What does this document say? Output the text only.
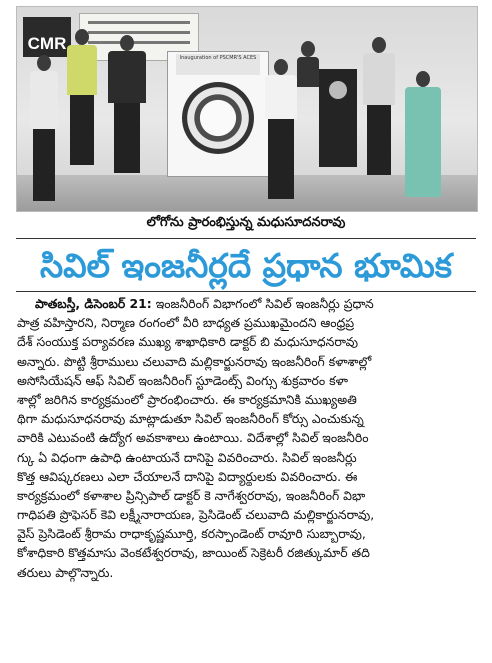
CMR
Inauguration of PSCMR'S ACES
లోగోను ప్రారంభిస్తున్న మధుసూదనరావు
సివిల్ ఇంజనీర్లదే ప్రధాన భూమిక
పాతబస్తీ, డిసెంబర్ 21: ఇంజనీరింగ్ విభాగంలో సివిల్ ఇంజనీర్లు ప్రధాన
పాత్ర వహిస్తారని, నిర్మాణ రంగంలో వీరి బాధ్యత ప్రముఖమైందని ఆంధ్రప్ర
దేశ్ సంయుక్త పర్యావరణ ముఖ్య శాఖాధికారి డాక్టర్ బి మధుసూధనరావు
అన్నారు. పొట్టి శ్రీరాములు చలువాది మల్లికార్జునరావు ఇంజనీరింగ్ కళాశాల్లో
అసోసియేషన్ ఆఫ్ సివిల్ ఇంజనీరింగ్ స్టూడెంట్స్ వింగ్సు శుక్రవారం కళా
శాల్లో జరిగిన కార్యక్రమంలో ప్రారంభించారు. ఈ కార్యక్రమానికి ముఖ్యఅతి
థిగా మధుసూధనరావు మాట్లాడుతూ సివిల్ ఇంజనీరింగ్ కోర్సు ఎంచుకున్న
వారికి ఎటువంటి ఉద్యోగ అవకాశాలు ఉంటాయి. విదేశాల్లో సివిల్ ఇంజనీరిం
గ్కు ఏ విధంగా ఉపాధి ఉంటాయనే దానిపై వివరించారు. సివిల్ ఇంజనీర్లు
కొత్త ఆవిష్కరణలు ఎలా చేయాలనే దానిపై విద్యార్థులకు వివరించారు. ఈ
కార్యక్రమంలో కళాశాల ప్రిన్సిపాల్ డాక్టర్ కె నాగేశ్వరరావు, ఇంజనీరింగ్ విభా
గాధిపతి ప్రొఫెసర్ కెవి లక్ష్మీనారాయణ, ప్రెసిడెంట్ చలువాది మల్లికార్జునరావు,
వైస్ ప్రెసిడెంట్ శ్రీరామ రాధాకృష్ణమూర్తి, కరస్పాండెంట్ రావూరి సుబ్బారావు,
కోశాధికారి కొత్తమాసు వెంకటేశ్వరరావు, జాయింట్ సెక్రెటరీ రజిత్కుమార్ తది
తరులు పాల్గొన్నారు.
